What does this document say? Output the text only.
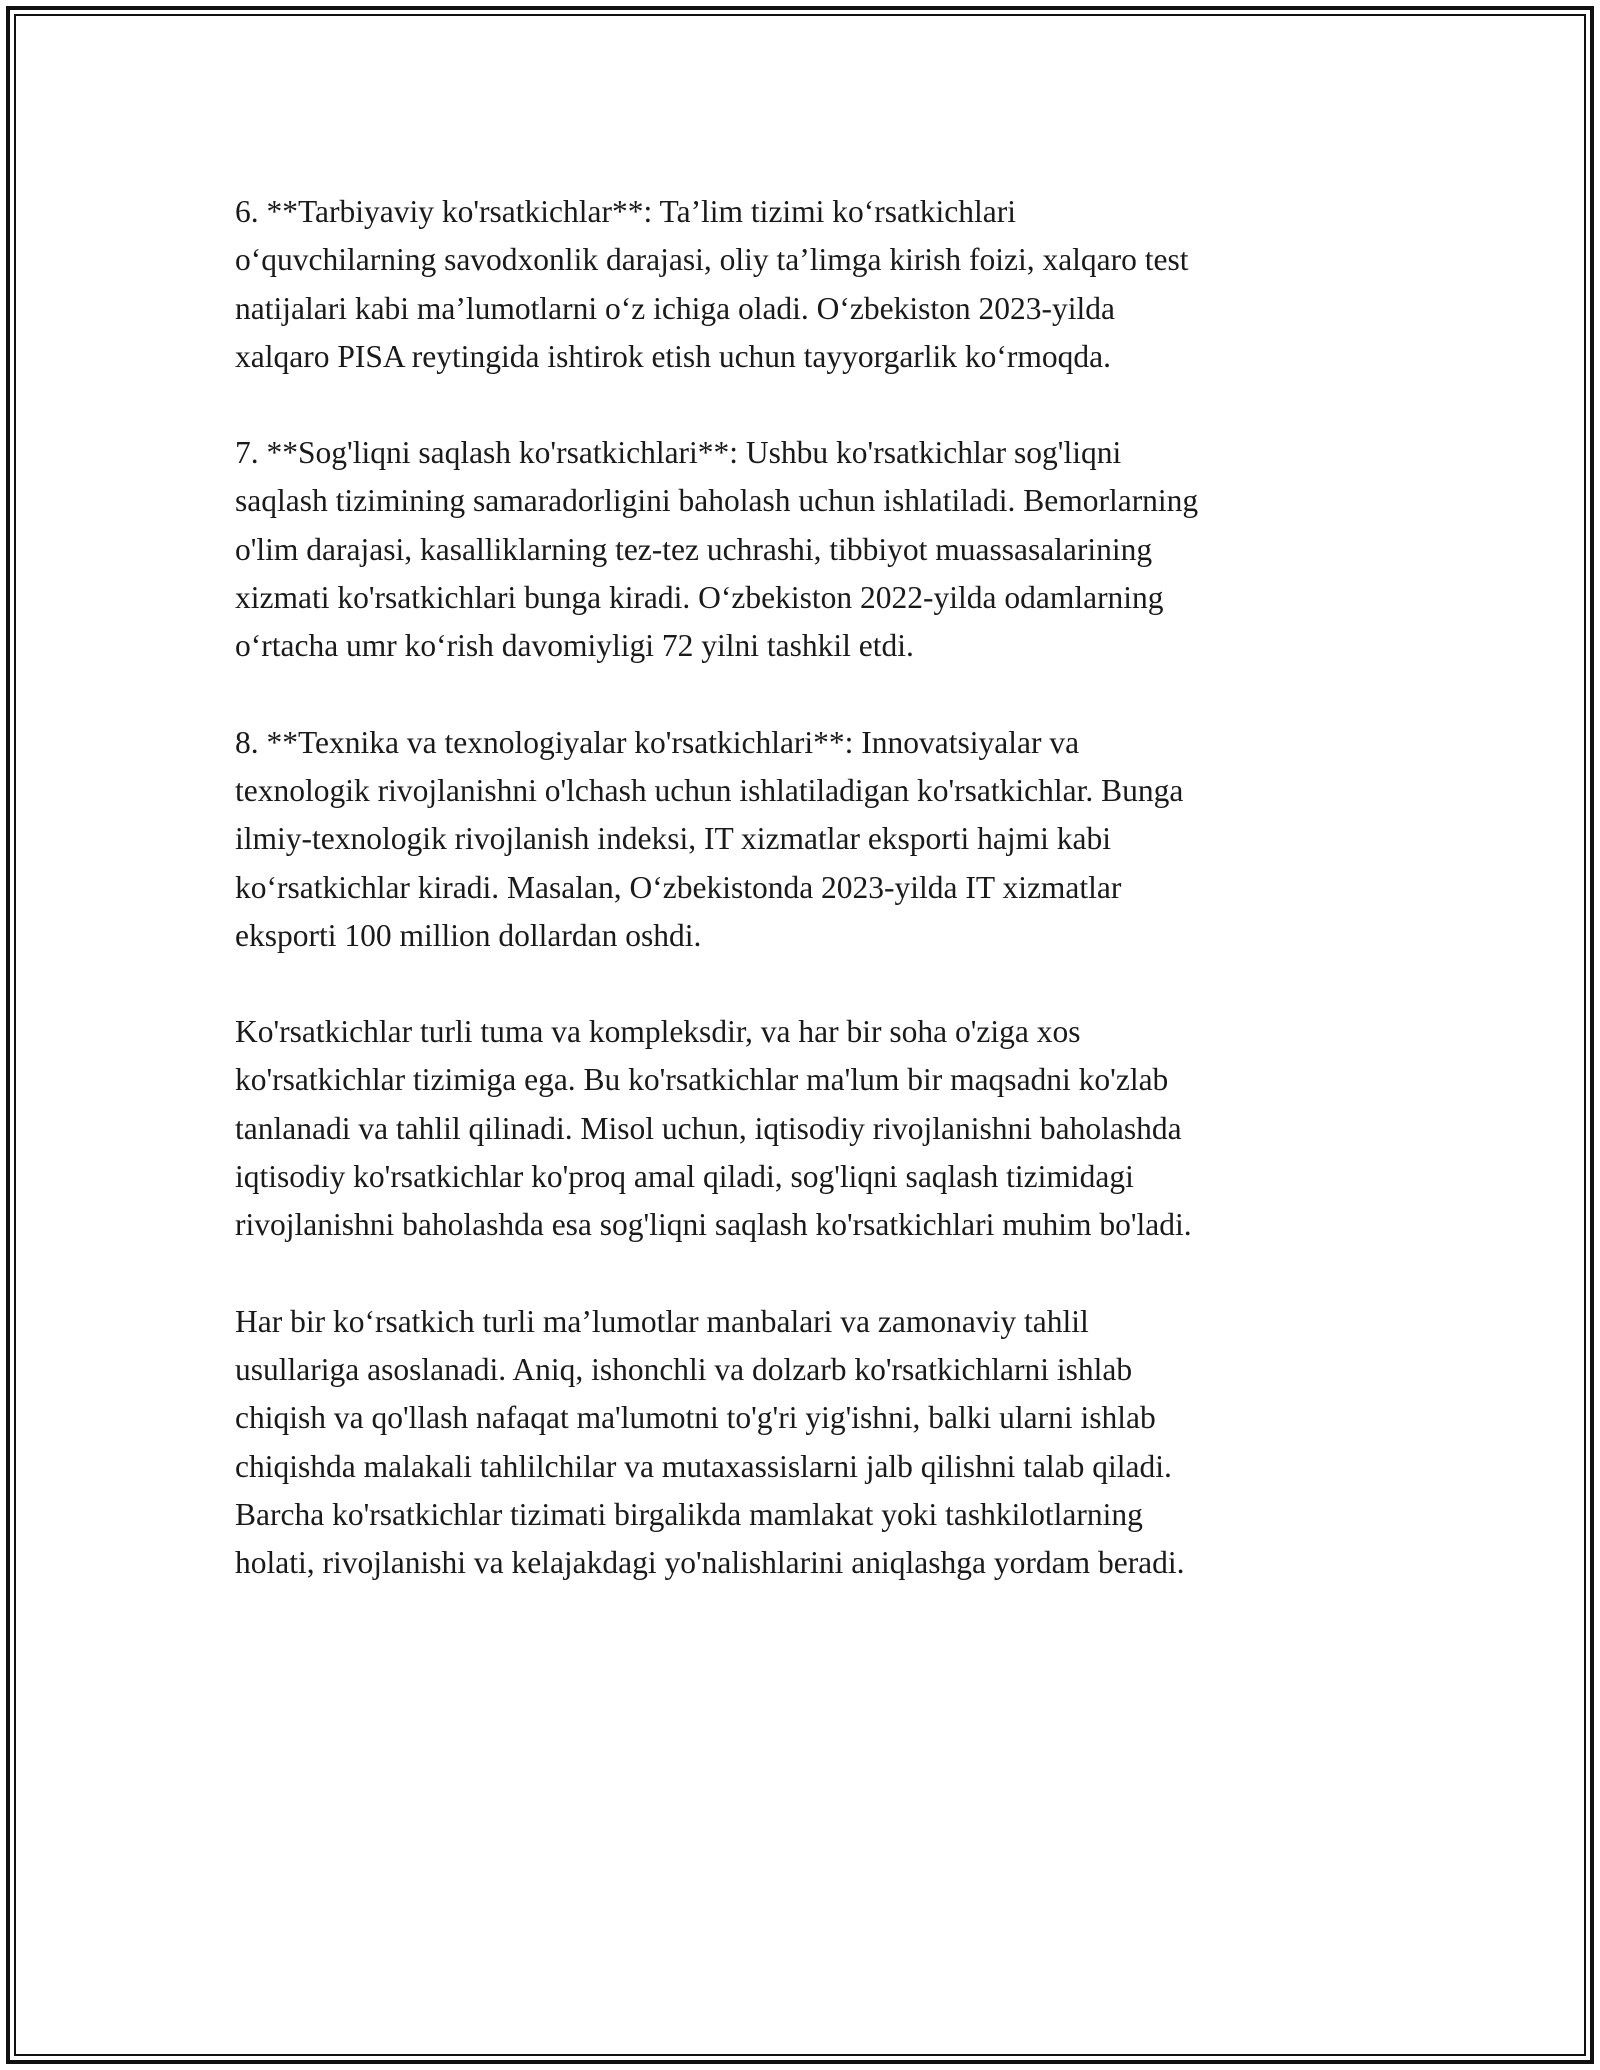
6. **Tarbiyaviy ko'rsatkichlar**: Ta’lim tizimi ko‘rsatkichlari
o‘quvchilarning savodxonlik darajasi, oliy ta’limga kirish foizi, xalqaro test
natijalari kabi ma’lumotlarni o‘z ichiga oladi. O‘zbekiston 2023-yilda
xalqaro PISA reytingida ishtirok etish uchun tayyorgarlik ko‘rmoqda.

7. **Sog'liqni saqlash ko'rsatkichlari**: Ushbu ko'rsatkichlar sog'liqni
saqlash tizimining samaradorligini baholash uchun ishlatiladi. Bemorlarning
o'lim darajasi, kasalliklarning tez-tez uchrashi, tibbiyot muassasalarining
xizmati ko'rsatkichlari bunga kiradi. O‘zbekiston 2022-yilda odamlarning
o‘rtacha umr ko‘rish davomiyligi 72 yilni tashkil etdi.

8. **Texnika va texnologiyalar ko'rsatkichlari**: Innovatsiyalar va
texnologik rivojlanishni o'lchash uchun ishlatiladigan ko'rsatkichlar. Bunga
ilmiy-texnologik rivojlanish indeksi, IT xizmatlar eksporti hajmi kabi
ko‘rsatkichlar kiradi. Masalan, O‘zbekistonda 2023-yilda IT xizmatlar
eksporti 100 million dollardan oshdi.

Ko'rsatkichlar turli tuma va kompleksdir, va har bir soha o'ziga xos
ko'rsatkichlar tizimiga ega. Bu ko'rsatkichlar ma'lum bir maqsadni ko'zlab
tanlanadi va tahlil qilinadi. Misol uchun, iqtisodiy rivojlanishni baholashda
iqtisodiy ko'rsatkichlar ko'proq amal qiladi, sog'liqni saqlash tizimidagi
rivojlanishni baholashda esa sog'liqni saqlash ko'rsatkichlari muhim bo'ladi.

Har bir ko‘rsatkich turli ma’lumotlar manbalari va zamonaviy tahlil
usullariga asoslanadi. Aniq, ishonchli va dolzarb ko'rsatkichlarni ishlab
chiqish va qo'llash nafaqat ma'lumotni to'g'ri yig'ishni, balki ularni ishlab
chiqishda malakali tahlilchilar va mutaxassislarni jalb qilishni talab qiladi.
Barcha ko'rsatkichlar tizimati birgalikda mamlakat yoki tashkilotlarning
holati, rivojlanishi va kelajakdagi yo'nalishlarini aniqlashga yordam beradi.
